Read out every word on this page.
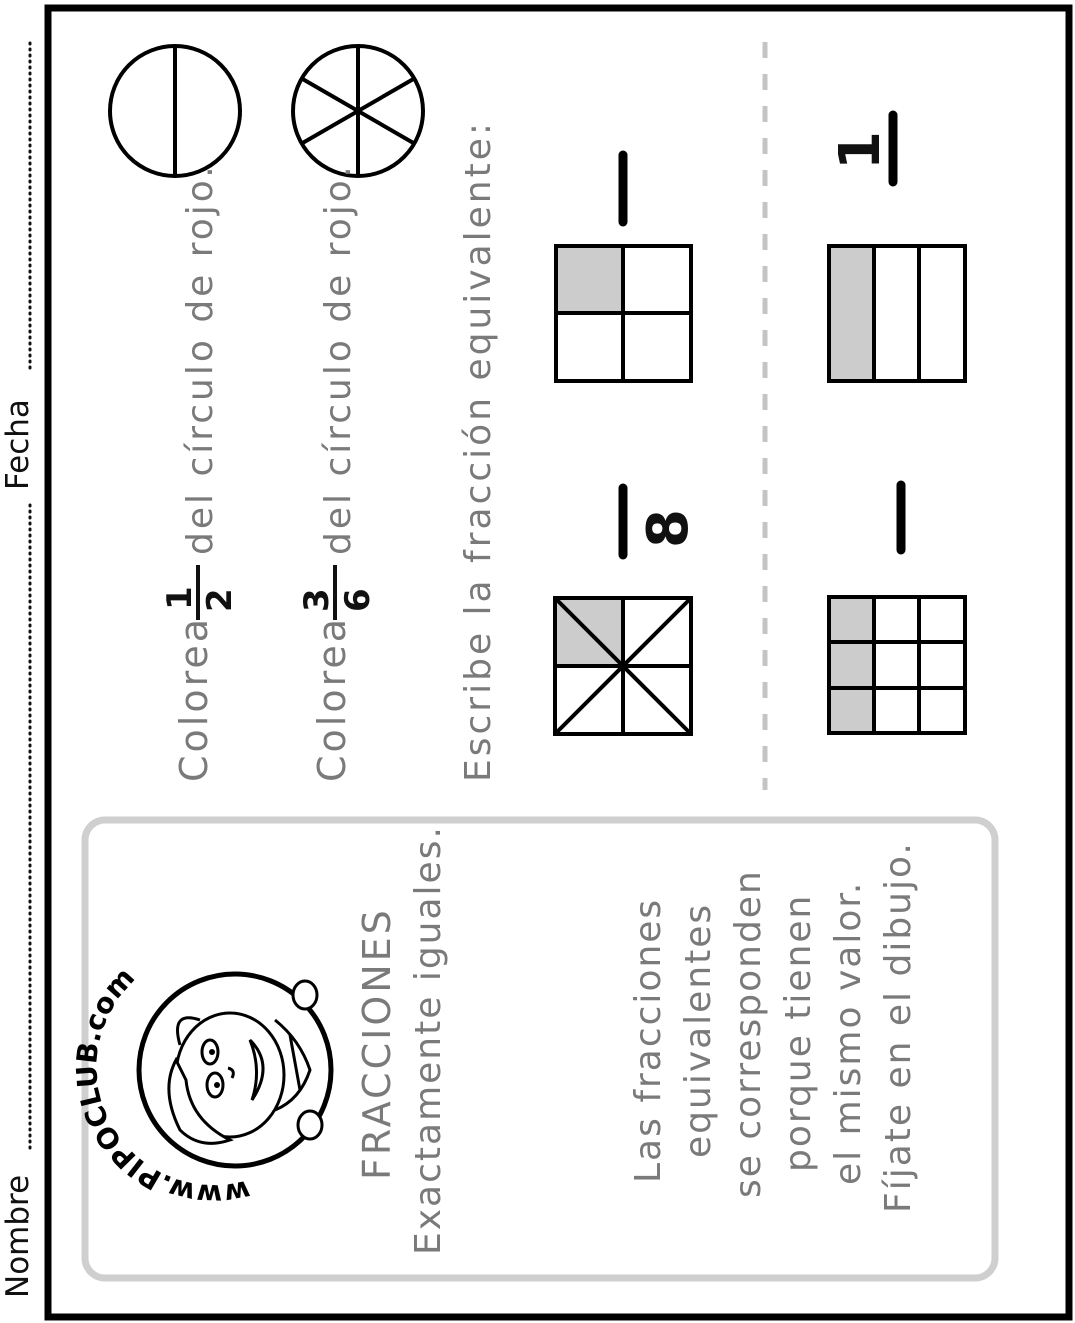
www.PIPOCLUB.com
Nombre
Fecha
FRACCIONES Exactamente iguales.	Las fracciones equivalentes se corresponden porque tienen el mismo valor. Fíjate en el dibujo.
Colorea
1 2
del círculo de rojo.
Colorea
3 6
del círculo de rojo.	Escribe la fracción equivalente: 8
1
